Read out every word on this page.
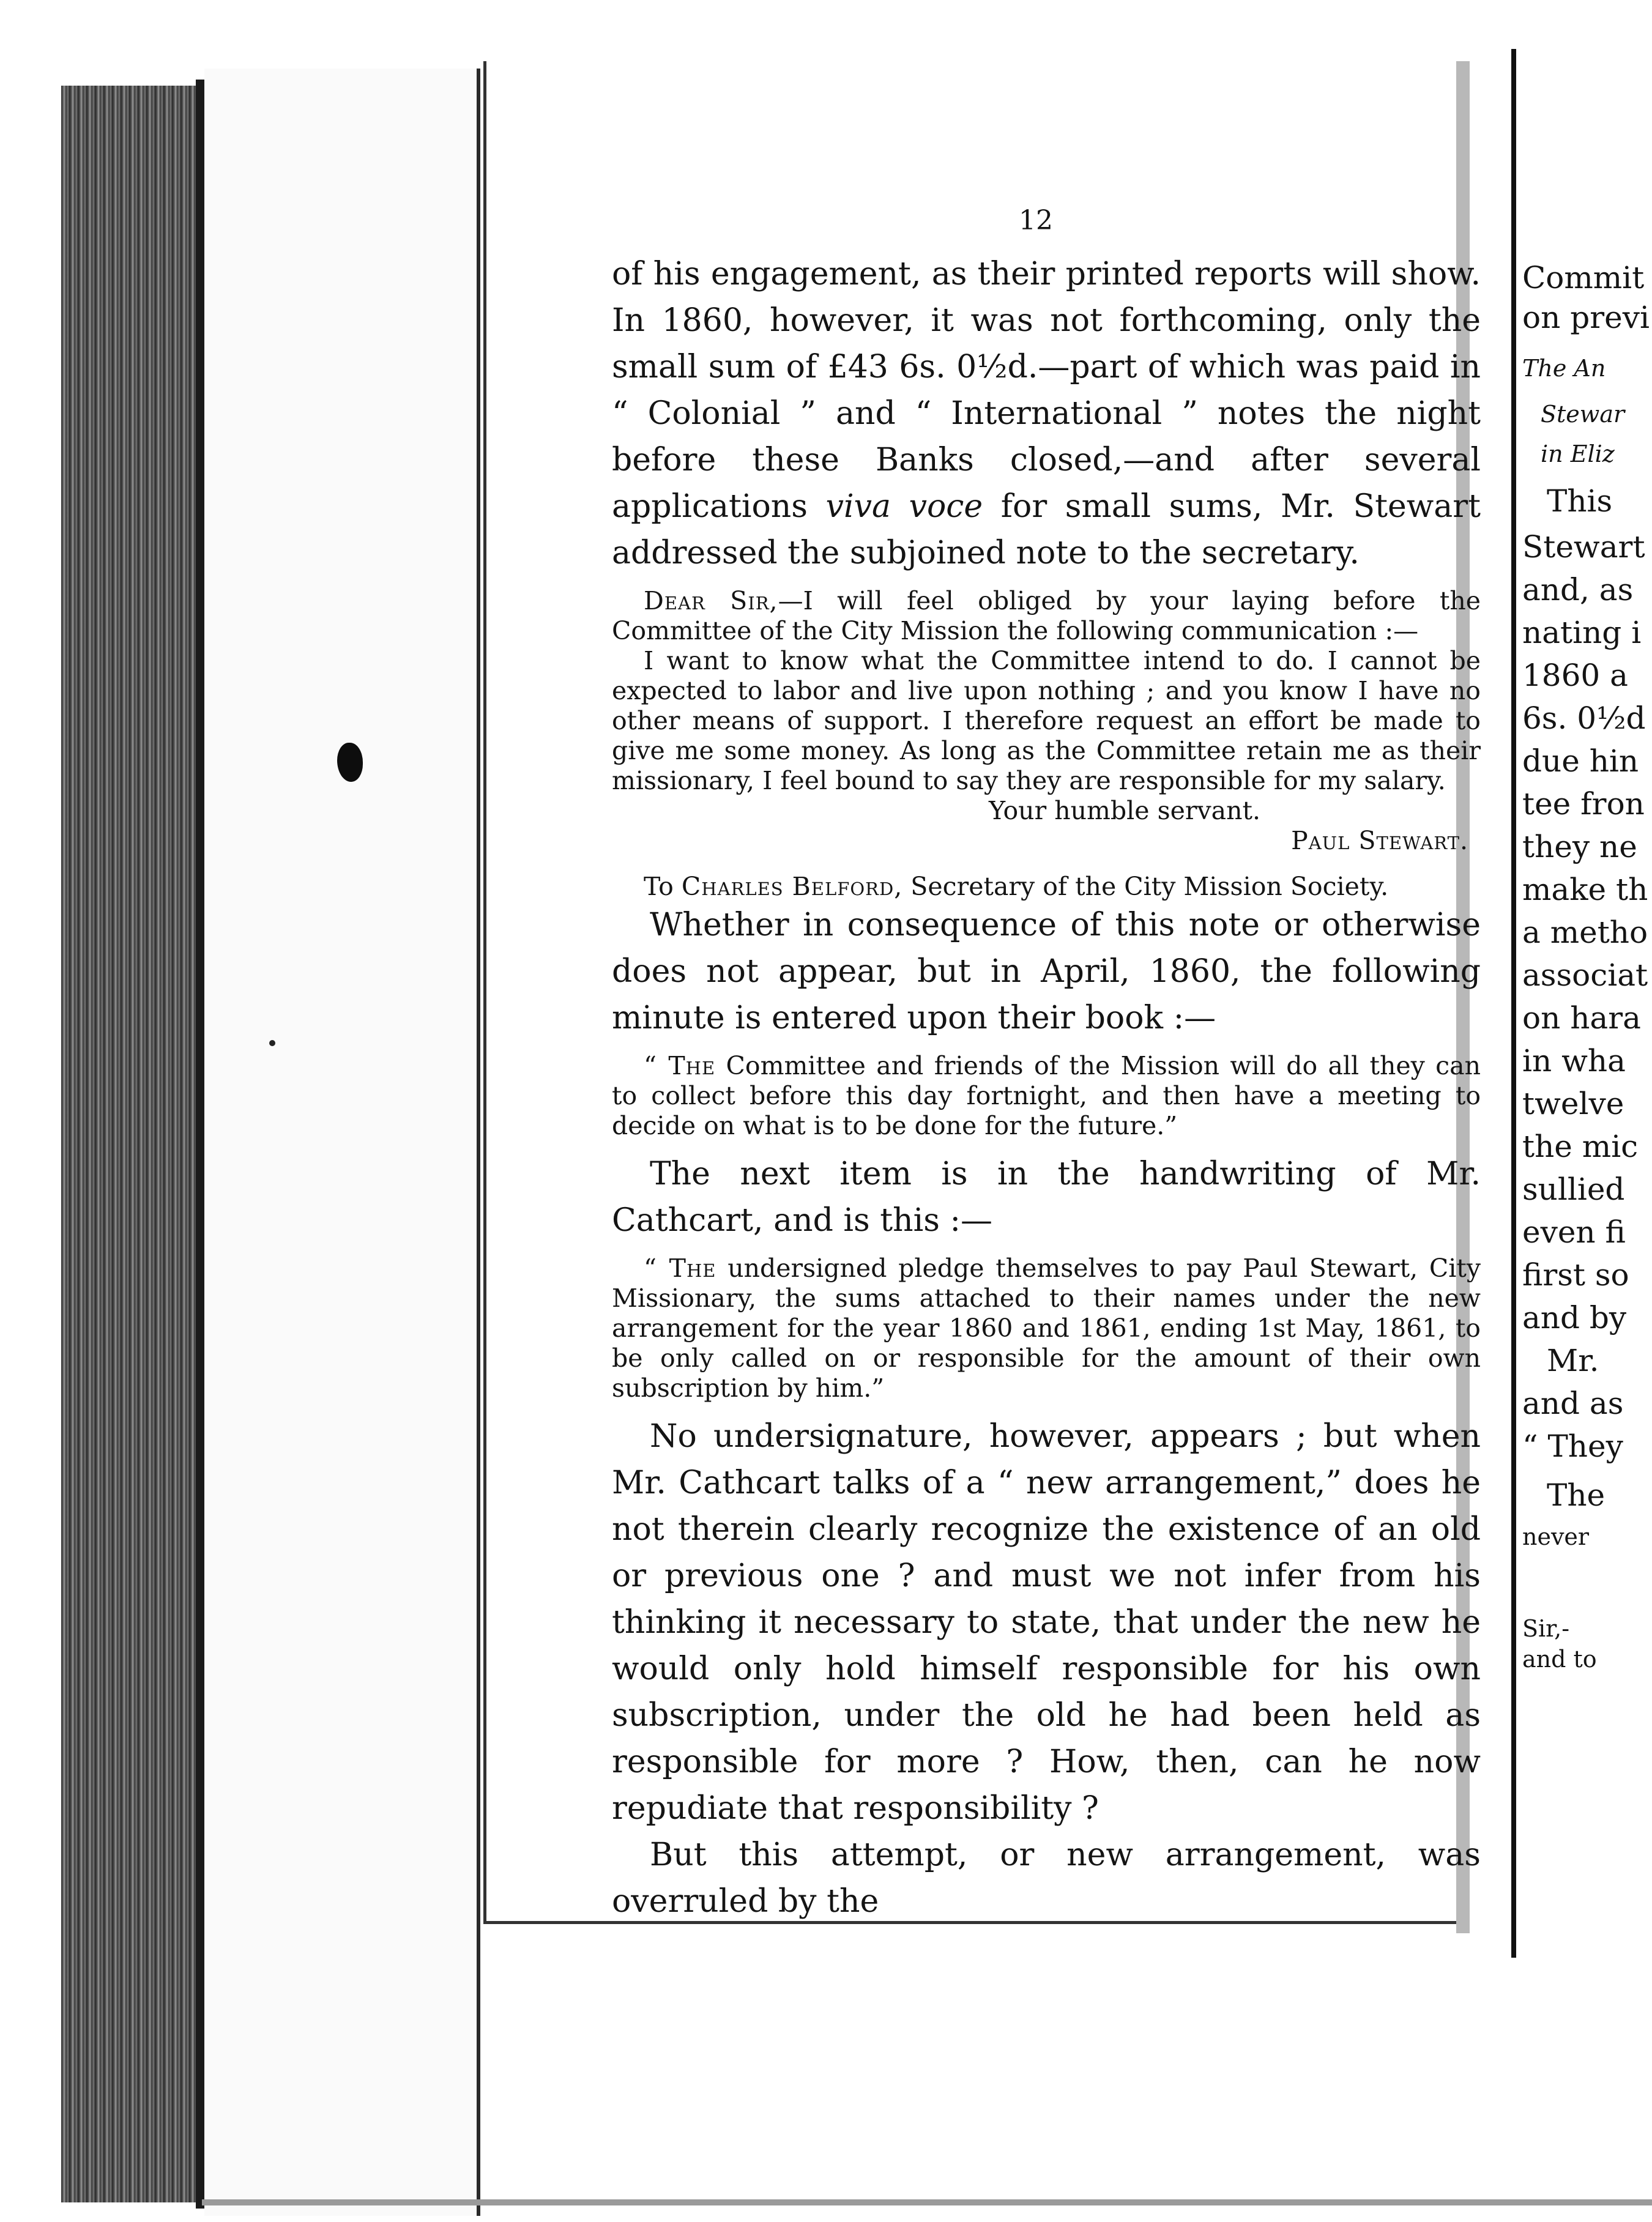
12

of his engagement, as their printed reports will show. In 1860, however, it was not forthcoming, only the small sum of £43 6s. 0½d.—part of which was paid in “ Colonial ” and “ International ” notes the night before these Banks closed,—and after several applications viva voce for small sums, Mr. Stewart addressed the subjoined note to the secretary.

Dear Sir,—I will feel obliged by your laying before the Committee of the City Mission the following communication :—

I want to know what the Committee intend to do. I cannot be expected to labor and live upon nothing ; and you know I have no other means of support. I therefore request an effort be made to give me some money. As long as the Committee retain me as their missionary, I feel bound to say they are responsible for my salary.

Your humble servant.

Paul Stewart.

To Charles Belford, Secretary of the City Mission Society.

Whether in consequence of this note or otherwise does not appear, but in April, 1860, the following minute is entered upon their book :—

“ The Committee and friends of the Mission will do all they can to collect before this day fortnight, and then have a meeting to decide on what is to be done for the future.”

The next item is in the handwriting of Mr. Cathcart, and is this :—

“ The undersigned pledge themselves to pay Paul Stewart, City Missionary, the sums attached to their names under the new arrangement for the year 1860 and 1861, ending 1st May, 1861, to be only called on or responsible for the amount of their own subscription by him.”

No undersignature, however, appears ; but when Mr. Cathcart talks of a “ new arrangement,” does he not therein clearly recognize the existence of an old or previous one ? and must we not infer from his thinking it necessary to state, that under the new he would only hold himself responsible for his own subscription, under the old he had been held as responsible for more ? How, then, can he now repudiate that responsibility ?

But this attempt, or new arrangement, was overruled by the

Commit
on previ
The An
Stewar
in Eliz
This
Stewart
and, as
nating i
1860 a
6s. 0½d
due hin
tee fron
they ne
make th
a metho
associat
on hara
in wha
twelve
the mic
sullied
even fi
first so
and by
Mr.
and as
“ They
The
never
Sir,-
and to
